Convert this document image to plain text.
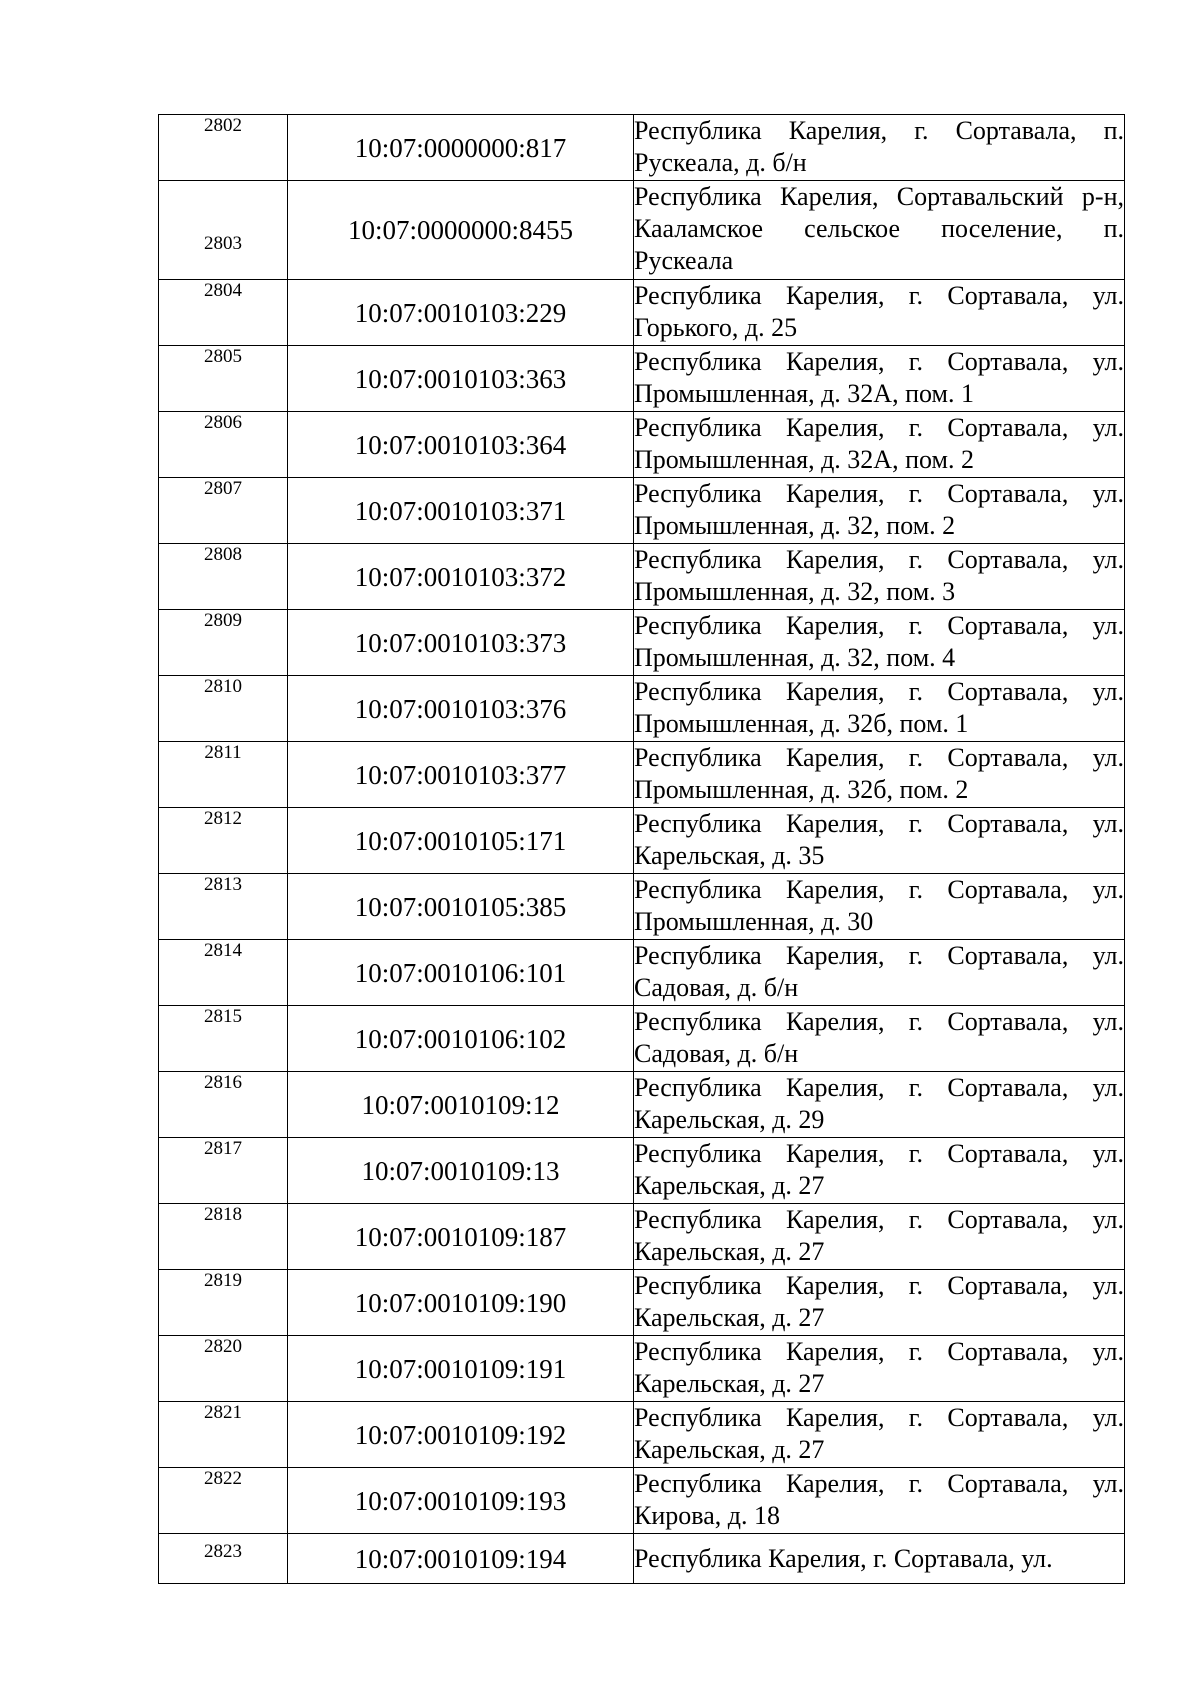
2802	10:07:0000000:817	Республика Карелия, г. Сортавала, п. Рускеала, д. б/н
2803	10:07:0000000:8455	Республика Карелия, Сортавальский р-н, Кааламское сельское поселение, п. Рускеала
2804	10:07:0010103:229	Республика Карелия, г. Сортавала, ул. Горького, д. 25
2805	10:07:0010103:363	Республика Карелия, г. Сортавала, ул. Промышленная, д. 32А, пом. 1
2806	10:07:0010103:364	Республика Карелия, г. Сортавала, ул. Промышленная, д. 32А, пом. 2
2807	10:07:0010103:371	Республика Карелия, г. Сортавала, ул. Промышленная, д. 32, пом. 2
2808	10:07:0010103:372	Республика Карелия, г. Сортавала, ул. Промышленная, д. 32, пом. 3
2809	10:07:0010103:373	Республика Карелия, г. Сортавала, ул. Промышленная, д. 32, пом. 4
2810	10:07:0010103:376	Республика Карелия, г. Сортавала, ул. Промышленная, д. 32б, пом. 1
2811	10:07:0010103:377	Республика Карелия, г. Сортавала, ул. Промышленная, д. 32б, пом. 2
2812	10:07:0010105:171	Республика Карелия, г. Сортавала, ул. Карельская, д. 35
2813	10:07:0010105:385	Республика Карелия, г. Сортавала, ул. Промышленная, д. 30
2814	10:07:0010106:101	Республика Карелия, г. Сортавала, ул. Садовая, д. б/н
2815	10:07:0010106:102	Республика Карелия, г. Сортавала, ул. Садовая, д. б/н
2816	10:07:0010109:12	Республика Карелия, г. Сортавала, ул. Карельская, д. 29
2817	10:07:0010109:13	Республика Карелия, г. Сортавала, ул. Карельская, д. 27
2818	10:07:0010109:187	Республика Карелия, г. Сортавала, ул. Карельская, д. 27
2819	10:07:0010109:190	Республика Карелия, г. Сортавала, ул. Карельская, д. 27
2820	10:07:0010109:191	Республика Карелия, г. Сортавала, ул. Карельская, д. 27
2821	10:07:0010109:192	Республика Карелия, г. Сортавала, ул. Карельская, д. 27
2822	10:07:0010109:193	Республика Карелия, г. Сортавала, ул. Кирова, д. 18
2823	10:07:0010109:194	Республика Карелия, г. Сортавала, ул.
